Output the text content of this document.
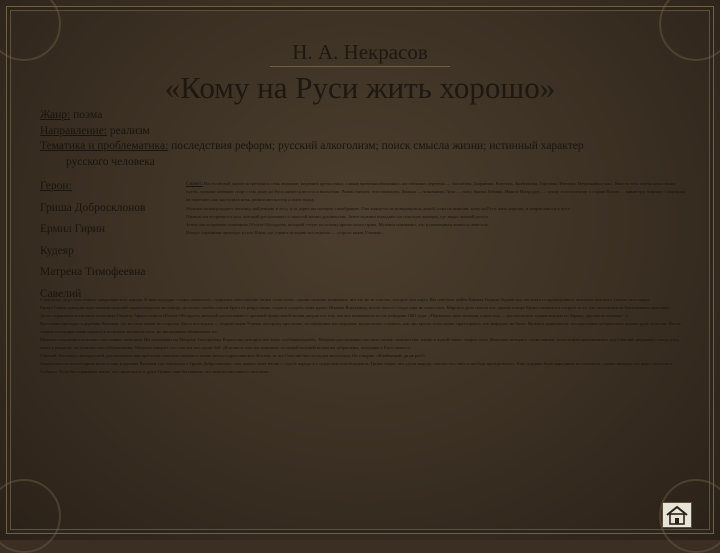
Н. А. Некрасов
«Кому на Руси жить хорошо»
Жанр: поэма
Направление: реализм
Тематика и проблематика: последствия реформ; русский алкоголизм; поиск смысла жизни; истинный характер
русского человека
Герои:
Гриша Добросклонов
Ермил Гирин
Кудеяр
Матрена Тимофеевна
Савелий

Сюжет: На столбовой дороге встретились семь мужиков, недавних крепостных, а ныне временнообязанных «из смежных деревень — Заплатова, Дырявина, Разутова, Знобишина, Горелова, Неелова, Неурожайка тож». Вместо того чтобы идти своим путем, мужики затевают спор о том, кому на Руси живется весело и вольготно. Роман считает, что помещику, Демьян — чиновнику, Лука — попу, братья Губины, Иван и Митродор, — купцу толстопузому, а старик Пахом — министру, боярину. Спорщики не замечают, как наступила ночь, разжигают костер и пьют водку.

Мужики вознаграждают пеночку, найденную в лесу, и та дарит им скатерть самобраную. Они клянутся не возвращаться домой, пока не выяснят, кому на Руси жить хорошо, и отправляются в путь.

Первым им встречается поп, который рассказывает о тяжелой жизни духовенства. Затем мужики попадают на сельскую ярмарку, где видят пьяный разгул.

Затем они встречают помещика Оболта-Оболдуева, который сетует на отмену крепостного права. Мужики понимают, что и помещикам живется невесело.

Вскоре странники приходят в село Клин, где узнают историю последыша — старого князя Утятина.

Странники ищут счастливых среди простого народа. К ним подходят солдат, каменотес, старушка, хвастающие своим «счастьем», однако мужики понимают, что это не то счастье, которое они ищут. Им советуют найти Ермила Гирина, бурмистра, честного и справедливого человека, которого уважал весь народ.

Ермил Гирин однажды при помощи мирской сходки выкупил мельницу, но позже, чтобы спасти брата от рекрутчины, отдал в солдаты сына вдовы Ненилы Власьевны, после чего от стыда едва не повесился. Мирское дело спасло его, однако вскоре Ермил оказался в остроге за то, что заступился за бунтовавших крестьян.

Далее странники встречают помещика Гаврилу Афанасьевича Оболта-Оболдуева, который рассказывает о прежней привольной жизни дворян и о том, как все изменилось после реформы 1861 года: «Порвалась цепь великая, порвалась — расскочилася: одним концом по барину, другим по мужику!..»

Крестьяне приходят в деревню Вахлаки, где все еще живет по-старому. Здесь последыш — старый князь Утятин, которому крестьяне, по наущению наследников, продолжают служить, как при крепостном праве, притворяясь, что реформы не было. Мужики удивляются, что крестьяне добровольно играют роль холопов. После смерти князя крестьяне надеются получить заливные луга, но наследники обманывают их.

Мужики отправляются искать счастливую женщину. Им указывают на Матрену Тимофеевну Корчагину, которую все зовут «губернаторшей». Матрена рассказывает им свою жизнь: замужество, жизнь в чужой семье, смерть сына Демушки, которого съели свиньи, пока за ним присматривал дед Савелий, неурожаи, голод, уход мужа в рекруты, заступничество губернаторши. Матрена говорит, что счастья нет среди баб: «Ключи от счастья женского, от нашей вольной волюшки заброшены, потеряны у Бога самого!»

Савелий, богатырь святорусский, рассказывает, как крестьяне закопали живым в землю немца-управляющего Фогеля, за что Савелий был осужден на каторгу. Он говорит: «Клейменый, да не раб!»

Заканчивается поэма пиром на весь мир в деревне Вахлаки, где семинарист Гриша Добросклонов, сын дьячка, поет песни о судьбе народа и о грядущем освобождении. Гриша верит, что «доля народа, счастье его, свет и свобода прежде всего». Ему суждено быть народным заступником, однако впереди его ждет «чахотка и Сибирь». Если бы странники знали, что происходит в душе Гриши, они бы поняли, что нашли счастливого человека.
